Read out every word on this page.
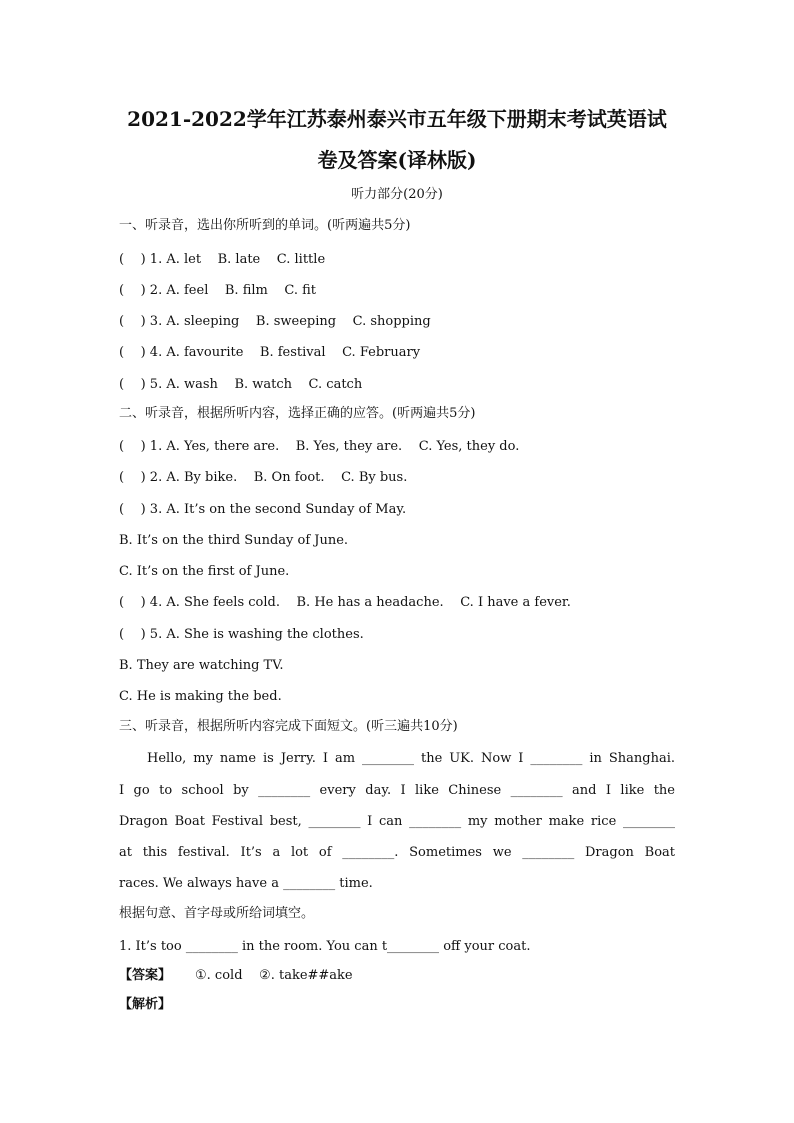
2021-2022学年江苏泰州泰兴市五年级下册期末考试英语试
卷及答案(译林版)
听力部分(20分)
一、听录音，选出你所听到的单词。(听两遍共5分)
(    ) 1. A. let    B. late    C. little
(    ) 2. A. feel    B. film    C. fit
(    ) 3. A. sleeping    B. sweeping    C. shopping
(    ) 4. A. favourite    B. festival    C. February
(    ) 5. A. wash    B. watch    C. catch
二、听录音，根据所听内容，选择正确的应答。(听两遍共5分)
(    ) 1. A. Yes, there are.    B. Yes, they are.    C. Yes, they do.
(    ) 2. A. By bike.    B. On foot.    C. By bus.
(    ) 3. A. It’s on the second Sunday of May.
B. It’s on the third Sunday of June.
C. It’s on the first of June.
(    ) 4. A. She feels cold.    B. He has a headache.    C. I have a fever.
(    ) 5. A. She is washing the clothes.
B. They are watching TV.
C. He is making the bed.
三、听录音，根据所听内容完成下面短文。(听三遍共10分)
Hello, my name is Jerry. I am ________ the UK. Now I ________ in Shanghai.
I go to school by ________ every day. I like Chinese ________ and I like the
Dragon Boat Festival best, ________ I can ________ my mother make rice ________
at this festival. It’s a lot of ________. Sometimes we ________ Dragon Boat
races. We always have a ________ time.
根据句意、首字母或所给词填空。
1. It’s too ________ in the room. You can t________ off your coat.
【答案】 ①. cold    ②. take##ake
【解析】
